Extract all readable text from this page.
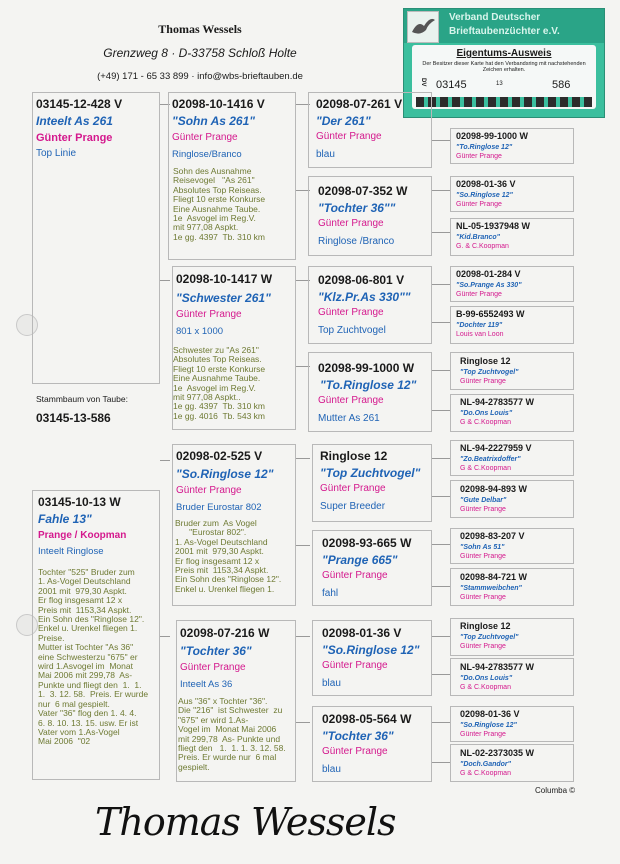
Thomas Wessels
Grenzweg 8 · D-33758 Schloß Holte
(+49) 171 - 65 33 899 · info@wbs-brieftauben.de
Verband Deutscher
Brieftaubenzüchter e.V.
Eigentums-Ausweis
Der Besitzer dieser Karte hat den Verbandsring mit nachstehenden Zeichen erhalten.
DV 03145	13	586
03145-12-428 V
Inteelt As 261
Günter Prange
Top Linie
Stammbaum von Taube:
03145-13-586
03145-10-13 W
Fahle 13"
Prange / Koopman
Inteelt Ringlose
Tochter "525" Bruder zum
1. As-Vogel Deutschland
2001 mit  979,30 Aspkt.
Er flog insgesamt 12 x
Preis mit  1153,34 Aspkt.
Ein Sohn des "Ringlose 12".
Enkel u. Urenkel fliegen 1.
Preise.
Mutter ist Tochter "As 36"
eine Schwesterzu "675" er
wird 1.Asvogel im  Monat
Mai 2006 mit 299,78  As-
Punkte und fliegt den  1.  1.
1.  3. 12. 58.  Preis. Er wurde
nur  6 mal gespielt.
Vater "36" flog den 1. 4. 4.
6. 8. 10. 13. 15. usw. Er ist
Vater vom 1.As-Vogel
Mai 2006  "02
02098-10-1416 V
"Sohn As 261"
Günter Prange
Ringlose/Branco
Sohn des Ausnahme
Reisevogel   "As 261"
Absolutes Top Reiseas.
Fliegt 10 erste Konkurse
Eine Ausnahme Taube.
1e  Asvogel im Reg.V.
mit 977,08 Aspkt.
1e gg. 4397  Tb. 310 km
02098-10-1417 W
"Schwester 261"
Günter Prange
801 x 1000
Schwester zu "As 261"
Absolutes Top Reiseas.
Fliegt 10 erste Konkurse
Eine Ausnahme Taube.
1e  Asvogel im Reg.V.
mit 977,08 Aspkt..
1e gg. 4397  Tb. 310 km
1e gg. 4016  Tb. 543 km
02098-02-525 V
"So.Ringlose 12"
Günter Prange
Bruder Eurostar 802
Bruder zum  As Vogel
"Eurostar 802".
1. As-Vogel Deutschland
2001 mit  979,30 Aspkt.
Er flog insgesamt 12 x
Preis mit  1153,34 Aspkt.
Ein Sohn des "Ringlose 12".
Enkel u. Urenkel fliegen 1.
02098-07-216 W
"Tochter 36"
Günter Prange
Inteelt As 36
Aus "36" x Tochter "36".
Die "216"  ist Schwester  zu
"675" er wird 1.As-
Vogel im  Monat Mai 2006
mit 299,78  As- Punkte und
fliegt den   1.  1. 1. 3. 12. 58.
Preis. Er wurde nur  6 mal
gespielt.
02098-07-261 V
"Der 261"
Günter Prange
blau
02098-07-352 W
"Tochter 36""
Günter Prange
Ringlose /Branco
02098-06-801 V
"Klz.Pr.As 330""
Günter Prange
Top Zuchtvogel
02098-99-1000 W
"To.Ringlose 12"
Günter Prange
Mutter As 261
Ringlose 12
"Top Zuchtvogel"
Günter Prange
Super Breeder
02098-93-665 W
"Prange 665"
Günter Prange
fahl
02098-01-36 V
"So.Ringlose 12"
Günter Prange
blau
02098-05-564 W
"Tochter 36"
Günter Prange
blau
02098-99-1000 W
"To.Ringlose 12"
Günter Prange
02098-01-36 V
"So.Ringlose 12"
Günter Prange
NL-05-1937948 W
"Kid.Branco"
G. & C.Koopman
02098-01-284 V
"So.Prange As 330"
Günter Prange
B-99-6552493 W
"Dochter 119"
Louis van Loon
Ringlose 12
"Top Zuchtvogel"
Günter Prange
NL-94-2783577 W
"Do.Ons Louis"
G & C.Koopman
NL-94-2227959 V
"Zo.Beatrixdoffer"
G & C.Koopman
02098-94-893 W
"Gute Delbar"
Günter Prange
02098-83-207 V
"Sohn As 51"
Günter Prange
02098-84-721 W
"Stammweibchen"
Günter Prange
Ringlose 12
"Top Zuchtvogel"
Günter Prange
NL-94-2783577 W
"Do.Ons Louis"
G & C.Koopman
02098-01-36 V
"So.Ringlose 12"
Günter Prange
NL-02-2373035 W
"Doch.Gandor"
G & C.Koopman
Columba ©
Thomas Wessels
